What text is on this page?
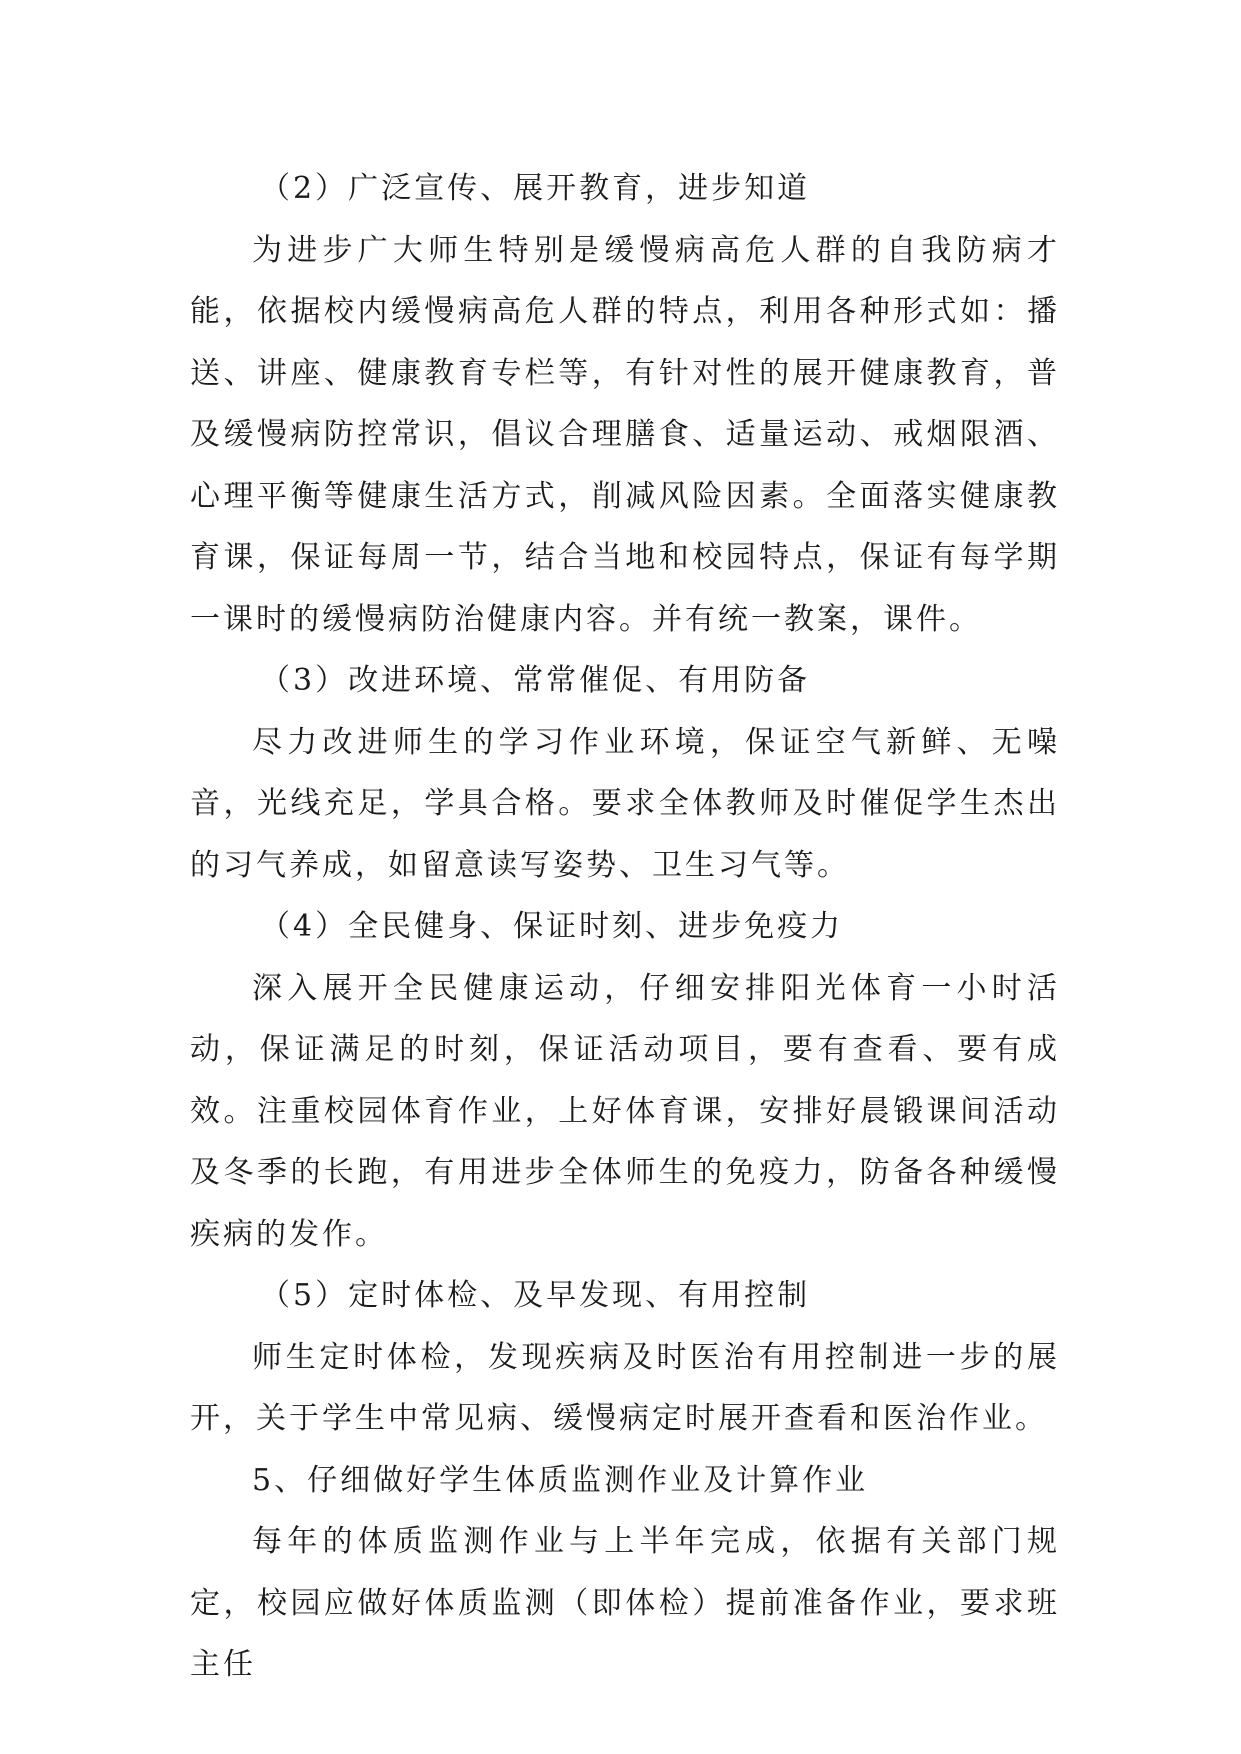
（2）广泛宣传、展开教育，进步知道

为进步广大师生特别是缓慢病高危人群的自我防病才能，依据校内缓慢病高危人群的特点，利用各种形式如：播送、讲座、健康教育专栏等，有针对性的展开健康教育，普及缓慢病防控常识，倡议合理膳食、适量运动、戒烟限酒、心理平衡等健康生活方式，削减风险因素。全面落实健康教育课，保证每周一节，结合当地和校园特点，保证有每学期一课时的缓慢病防治健康内容。并有统一教案，课件。

（3）改进环境、常常催促、有用防备

尽力改进师生的学习作业环境，保证空气新鲜、无噪音，光线充足，学具合格。要求全体教师及时催促学生杰出的习气养成，如留意读写姿势、卫生习气等。

（4）全民健身、保证时刻、进步免疫力

深入展开全民健康运动，仔细安排阳光体育一小时活动，保证满足的时刻，保证活动项目，要有查看、要有成效。注重校园体育作业，上好体育课，安排好晨锻课间活动及冬季的长跑，有用进步全体师生的免疫力，防备各种缓慢疾病的发作。

（5）定时体检、及早发现、有用控制

师生定时体检，发现疾病及时医治有用控制进一步的展开，关于学生中常见病、缓慢病定时展开查看和医治作业。

5、仔细做好学生体质监测作业及计算作业

每年的体质监测作业与上半年完成，依据有关部门规定，校园应做好体质监测（即体检）提前准备作业，要求班主任
